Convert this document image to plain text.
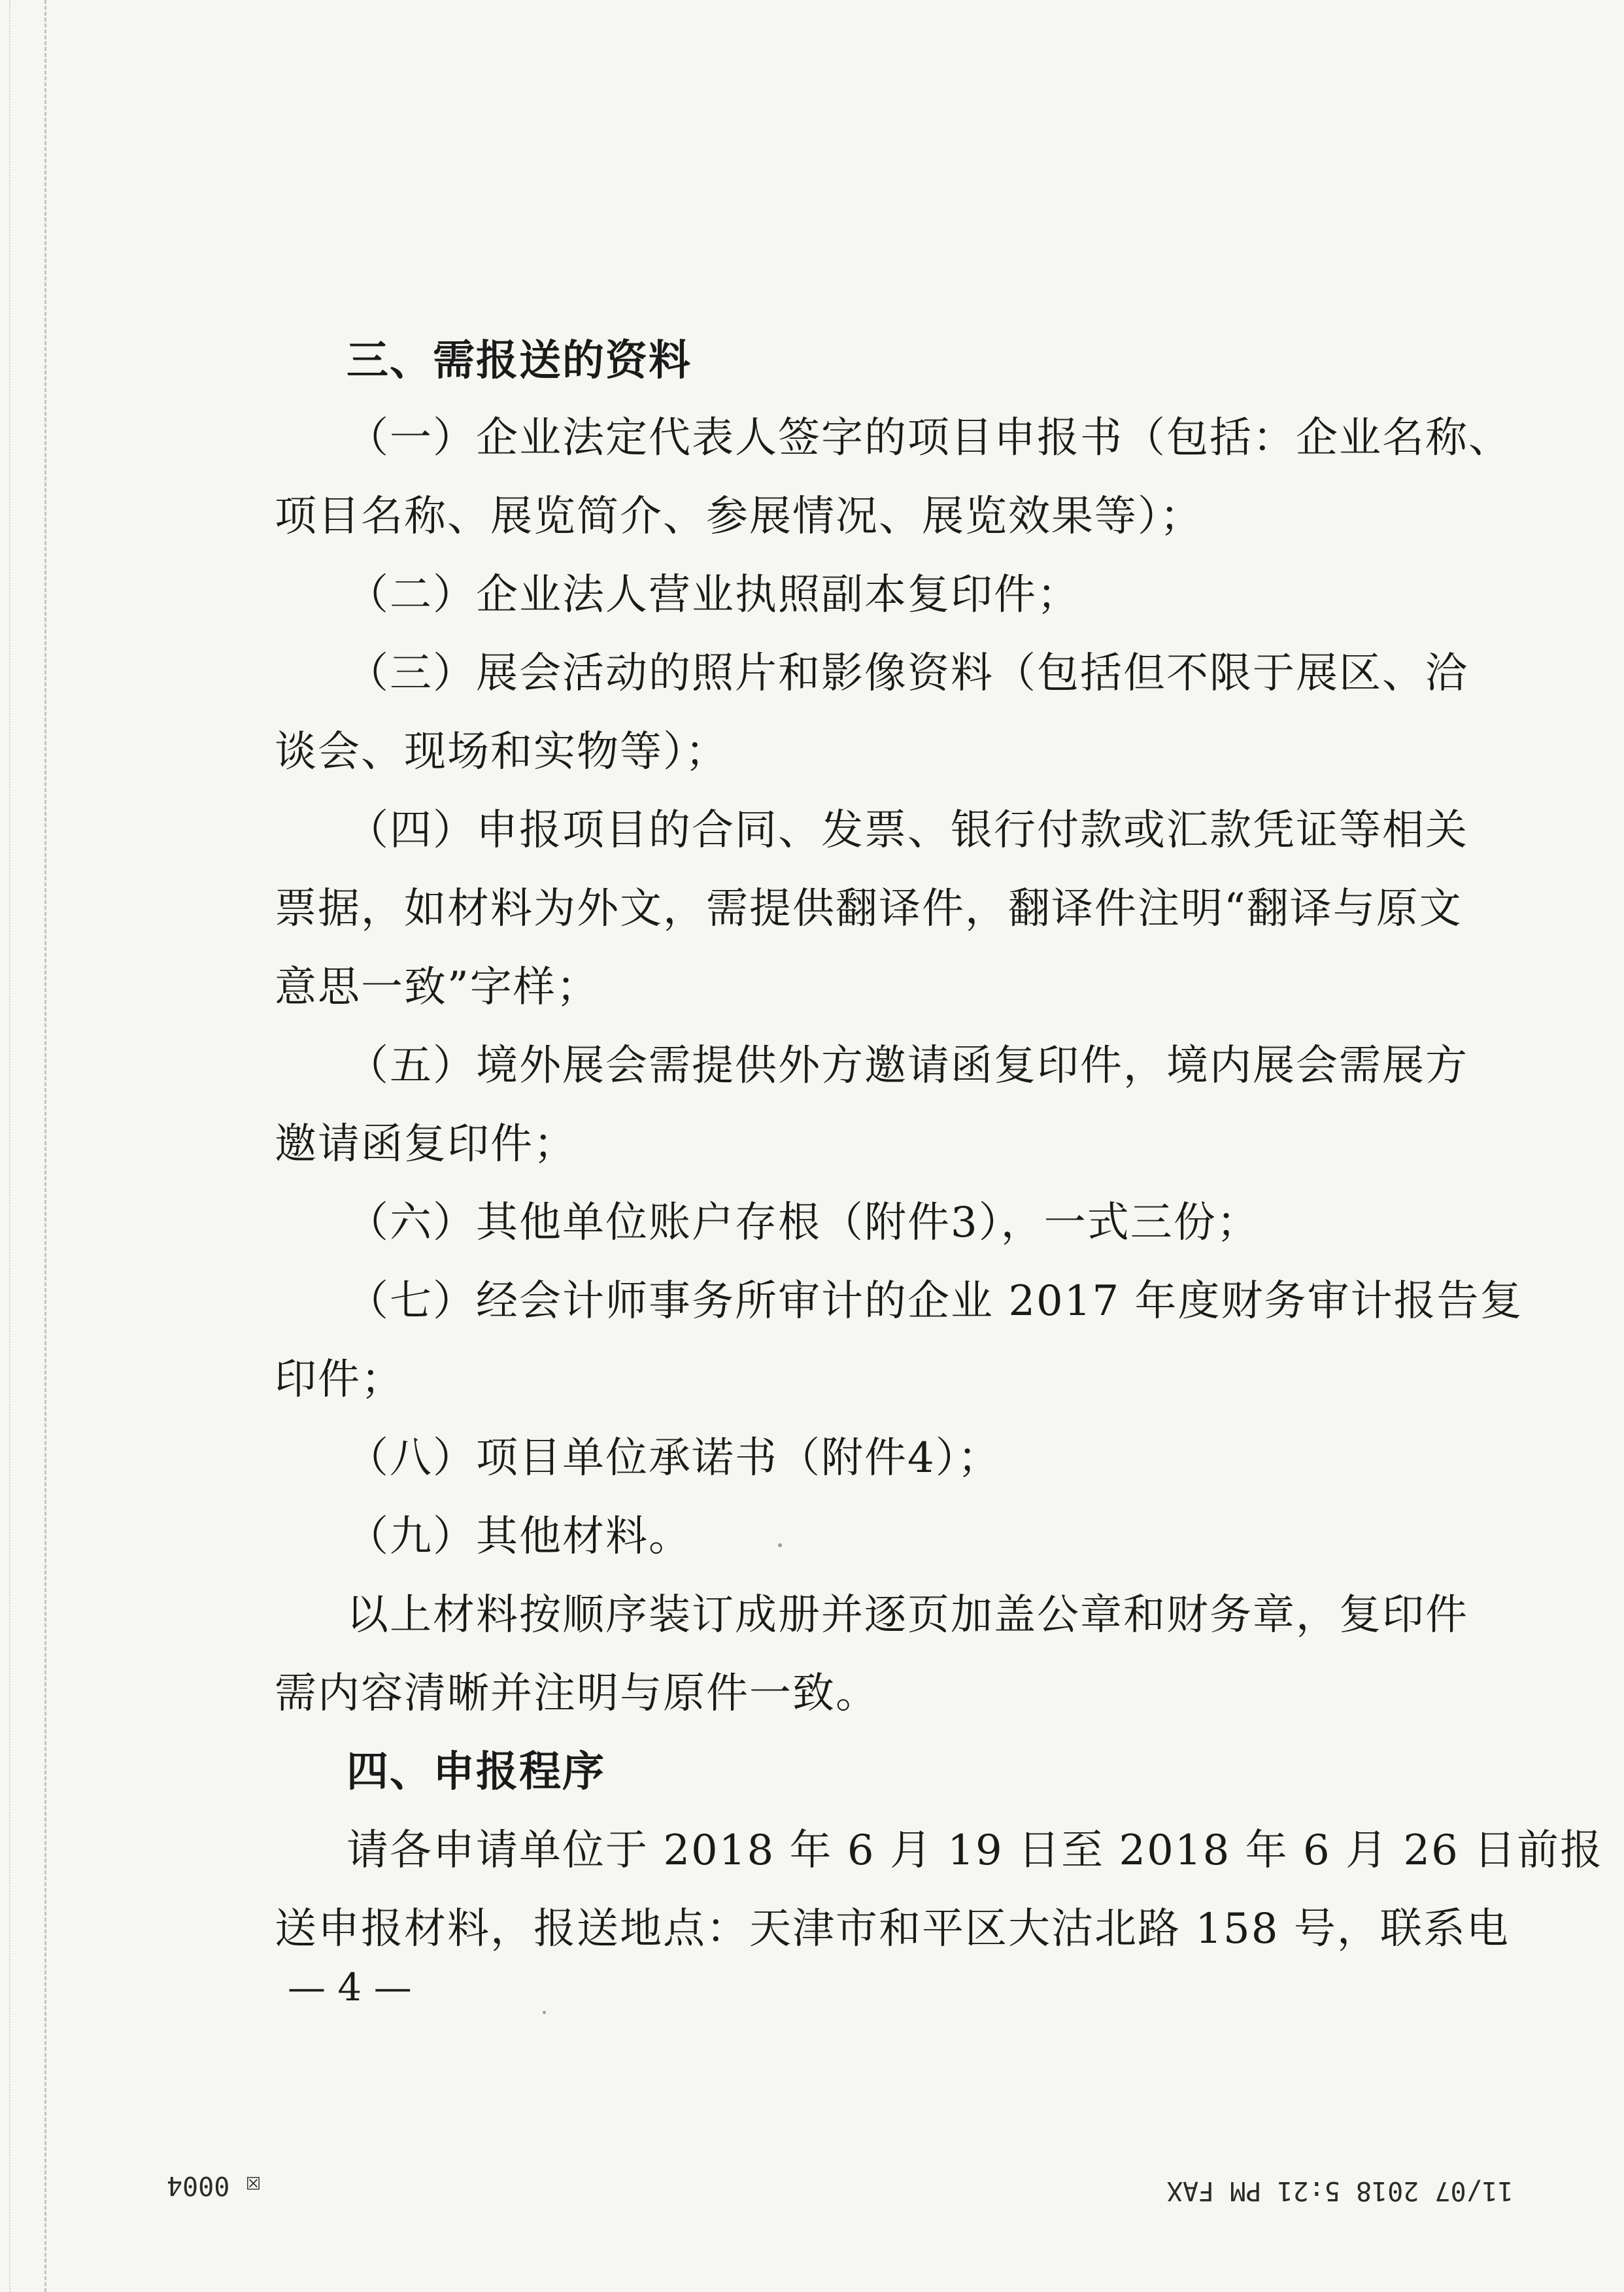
三、需报送的资料
（一）企业法定代表人签字的项目申报书（包括：企业名称、
项目名称、展览简介、参展情况、展览效果等）；
（二）企业法人营业执照副本复印件；
（三）展会活动的照片和影像资料（包括但不限于展区、洽
谈会、现场和实物等）；
（四）申报项目的合同、发票、银行付款或汇款凭证等相关
票据，如材料为外文，需提供翻译件，翻译件注明“翻译与原文
意思一致”字样；
（五）境外展会需提供外方邀请函复印件，境内展会需展方
邀请函复印件；
（六）其他单位账户存根（附件3），一式三份；
（七）经会计师事务所审计的企业 2017 年度财务审计报告复
印件；
（八）项目单位承诺书（附件4）；
（九）其他材料。
以上材料按顺序装订成册并逐页加盖公章和财务章，复印件
需内容清晰并注明与原件一致。
四、申报程序
请各申请单位于 2018 年 6 月 19 日至 2018 年 6 月 26 日前报
送申报材料，报送地点：天津市和平区大沽北路 158 号，联系电
— 4 —
☒ 0004	11/07 2018 5:21 PM FAX
